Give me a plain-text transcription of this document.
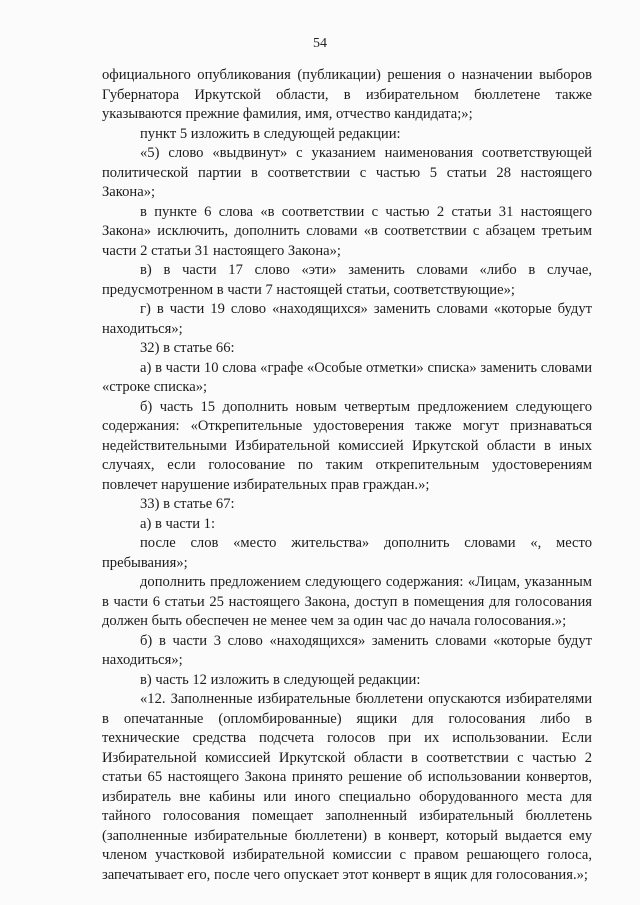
54

официального опубликования (публикации) решения о назначении выборов Губернатора Иркутской области, в избирательном бюллетене также указываются прежние фамилия, имя, отчество кандидата;»;

пункт 5 изложить в следующей редакции:

«5) слово «выдвинут» с указанием наименования соответствующей политической партии в соответствии с частью 5 статьи 28 настоящего Закона»;

в пункте 6 слова «в соответствии с частью 2 статьи 31 настоящего Закона» исключить, дополнить словами «в соответствии с абзацем третьим части 2 статьи 31 настоящего Закона»;

в) в части 17 слово «эти» заменить словами «либо в случае, предусмотренном в части 7 настоящей статьи, соответствующие»;

г) в части 19 слово «находящихся» заменить словами «которые будут находиться»;

32) в статье 66:

а) в части 10 слова «графе «Особые отметки» списка» заменить словами «строке списка»;

б) часть 15 дополнить новым четвертым предложением следующего содержания: «Открепительные удостоверения также могут признаваться недействительными Избирательной комиссией Иркутской области в иных случаях, если голосование по таким открепительным удостоверениям повлечет нарушение избирательных прав граждан.»;

33) в статье 67:

а) в части 1:

после слов «место жительства» дополнить словами «, место пребывания»;

дополнить предложением следующего содержания: «Лицам, указанным в части 6 статьи 25 настоящего Закона, доступ в помещения для голосования должен быть обеспечен не менее чем за один час до начала голосования.»;

б) в части 3 слово «находящихся» заменить словами «которые будут находиться»;

в) часть 12 изложить в следующей редакции:

«12. Заполненные избирательные бюллетени опускаются избирателями в опечатанные (опломбированные) ящики для голосования либо в технические средства подсчета голосов при их использовании. Если Избирательной комиссией Иркутской области в соответствии с частью 2 статьи 65 настоящего Закона принято решение об использовании конвертов, избиратель вне кабины или иного специально оборудованного места для тайного голосования помещает заполненный избирательный бюллетень (заполненные избирательные бюллетени) в конверт, который выдается ему членом участковой избирательной комиссии с правом решающего голоса, запечатывает его, после чего опускает этот конверт в ящик для голосования.»;
